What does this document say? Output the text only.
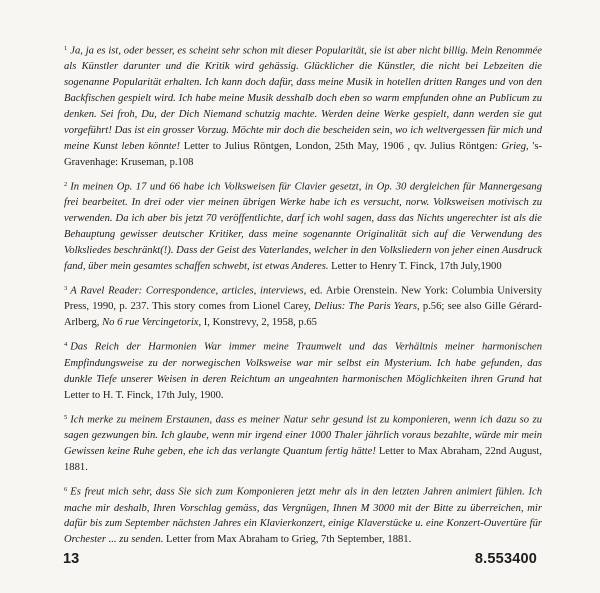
$^1$ Ja, ja es ist, oder besser, es scheint sehr schon mit dieser Popularität, sie ist aber nicht billig. Mein Renommée als Künstler darunter und die Kritik wird gehässig. Glücklicher die Künstler, die nicht bei Lebzeiten die sogenanne Popularität erhalten. Ich kann doch dafür, dass meine Musik in hotellen dritten Ranges und von den Backfischen gespielt wird. Ich habe meine Musik desshalb doch eben so warm empfunden ohne an Publicum zu denken. Sei froh, Du, der Dich Niemand schutzig machte. Werden deine Werke gespielt, dann werden sie gut vorgeführt! Das ist ein grosser Vorzug. Möchte mir doch die bescheiden sein, wo ich weltvergessen für mich und meine Kunst leben könnte! Letter to Julius Röntgen, London, 25th May, 1906 , qv. Julius Röntgen: Grieg, 's-Gravenhage: Kruseman, p.108

$^2$ In meinen Op. 17 und 66 habe ich Volksweisen für Clavier gesetzt, in Op. 30 dergleichen für Mannergesang frei bearbeitet. In drei oder vier meinen übrigen Werke habe ich es versucht, norw. Volksweisen motivisch zu verwenden. Da ich aber bis jetzt 70 veröffentlichte, darf ich wohl sagen, dass das Nichts ungerechter ist als die Behauptung gewisser deutscher Kritiker, dass meine sogenannte Originalität sich auf die Verwendung des Volksliedes beschränkt(!). Dass der Geist des Vaterlandes, welcher in den Volksliedern von jeher einen Ausdruck fand, über mein gesamtes schaffen schwebt, ist etwas Anderes. Letter to Henry T. Finck, 17th July,1900

$^3$ A Ravel Reader: Correspondence, articles, interviews, ed. Arbie Orenstein. New York: Columbia University Press, 1990, p. 237. This story comes from Lionel Carey, Delius: The Paris Years, p.56; see also Gille Gérard-Arlberg, No 6 rue Vercingetorix, I, Konstrevy, 2, 1958, p.65

$^4$ Das Reich der Harmonien War immer meine Traumwelt und das Verhältnis meiner harmonischen Empfindungsweise zu der norwegischen Volksweise war mir selbst ein Mysterium. Ich habe gefunden, das dunkle Tiefe unserer Weisen in deren Reichtum an ungeahnten harmonischen Möglichkeiten ihren Grund hat Letter to H. T. Finck, 17th July, 1900.

$^5$ Ich merke zu meinem Erstaunen, dass es meiner Natur sehr gesund ist zu komponieren, wenn ich dazu so zu sagen gezwungen bin. Ich glaube, wenn mir irgend einer 1000 Thaler jährlich voraus bezahlte, würde mir mein Gewissen keine Ruhe geben, ehe ich das verlangte Quantum fertig hätte! Letter to Max Abraham, 22nd August, 1881.

$^6$ Es freut mich sehr, dass Sie sich zum Komponieren jetzt mehr als in den letzten Jahren animiert fühlen. Ich mache mir deshalb, Ihren Vorschlag gemäss, das Vergnügen, Ihnen M 3000 mit der Bitte zu überreichen, mir dafür bis zum September nächsten Jahres ein Klavierkonzert, einige Klaverstücke u. eine Konzert-Ouvertüre für Orchester ... zu senden. Letter from Max Abraham to Grieg, 7th September, 1881.

13	8.553400
